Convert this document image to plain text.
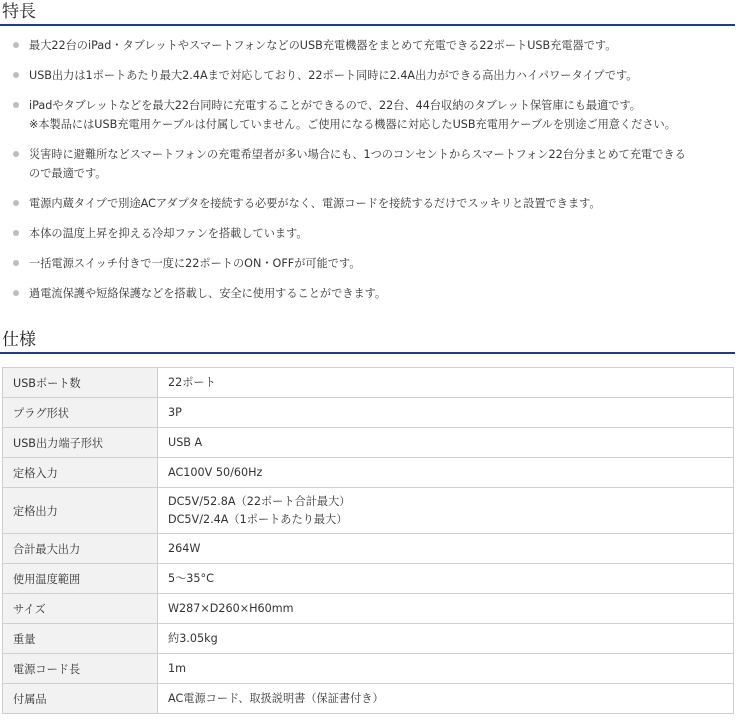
特長
最大22台のiPad・タブレットやスマートフォンなどのUSB充電機器をまとめて充電できる22ポートUSB充電器です。
USB出力は1ポートあたり最大2.4Aまで対応しており、22ポート同時に2.4A出力ができる高出力ハイパワータイプです。
iPadやタブレットなどを最大22台同時に充電することができるので、22台、44台収納のタブレット保管庫にも最適です。
※本製品にはUSB充電用ケーブルは付属していません。ご使用になる機器に対応したUSB充電用ケーブルを別途ご用意ください。
災害時に避難所などスマートフォンの充電希望者が多い場合にも、1つのコンセントからスマートフォン22台分まとめて充電できる
ので最適です。
電源内蔵タイプで別途ACアダプタを接続する必要がなく、電源コードを接続するだけでスッキリと設置できます。
本体の温度上昇を抑える冷却ファンを搭載しています。
一括電源スイッチ付きで一度に22ポートのON・OFFが可能です。
過電流保護や短絡保護などを搭載し、安全に使用することができます。
仕様
USBポート数	22ポート

プラグ形状	3P

USB出力端子形状	USB A

定格入力	AC100V 50/60Hz

定格出力	DC5V/52.8A（22ポート合計最大）
DC5V/2.4A（1ポートあたり最大）

合計最大出力	264W

使用温度範囲	5～35°C

サイズ	W287×D260×H60mm

重量	約3.05kg

電源コード長	1m

付属品	AC電源コード、取扱説明書（保証書付き）
